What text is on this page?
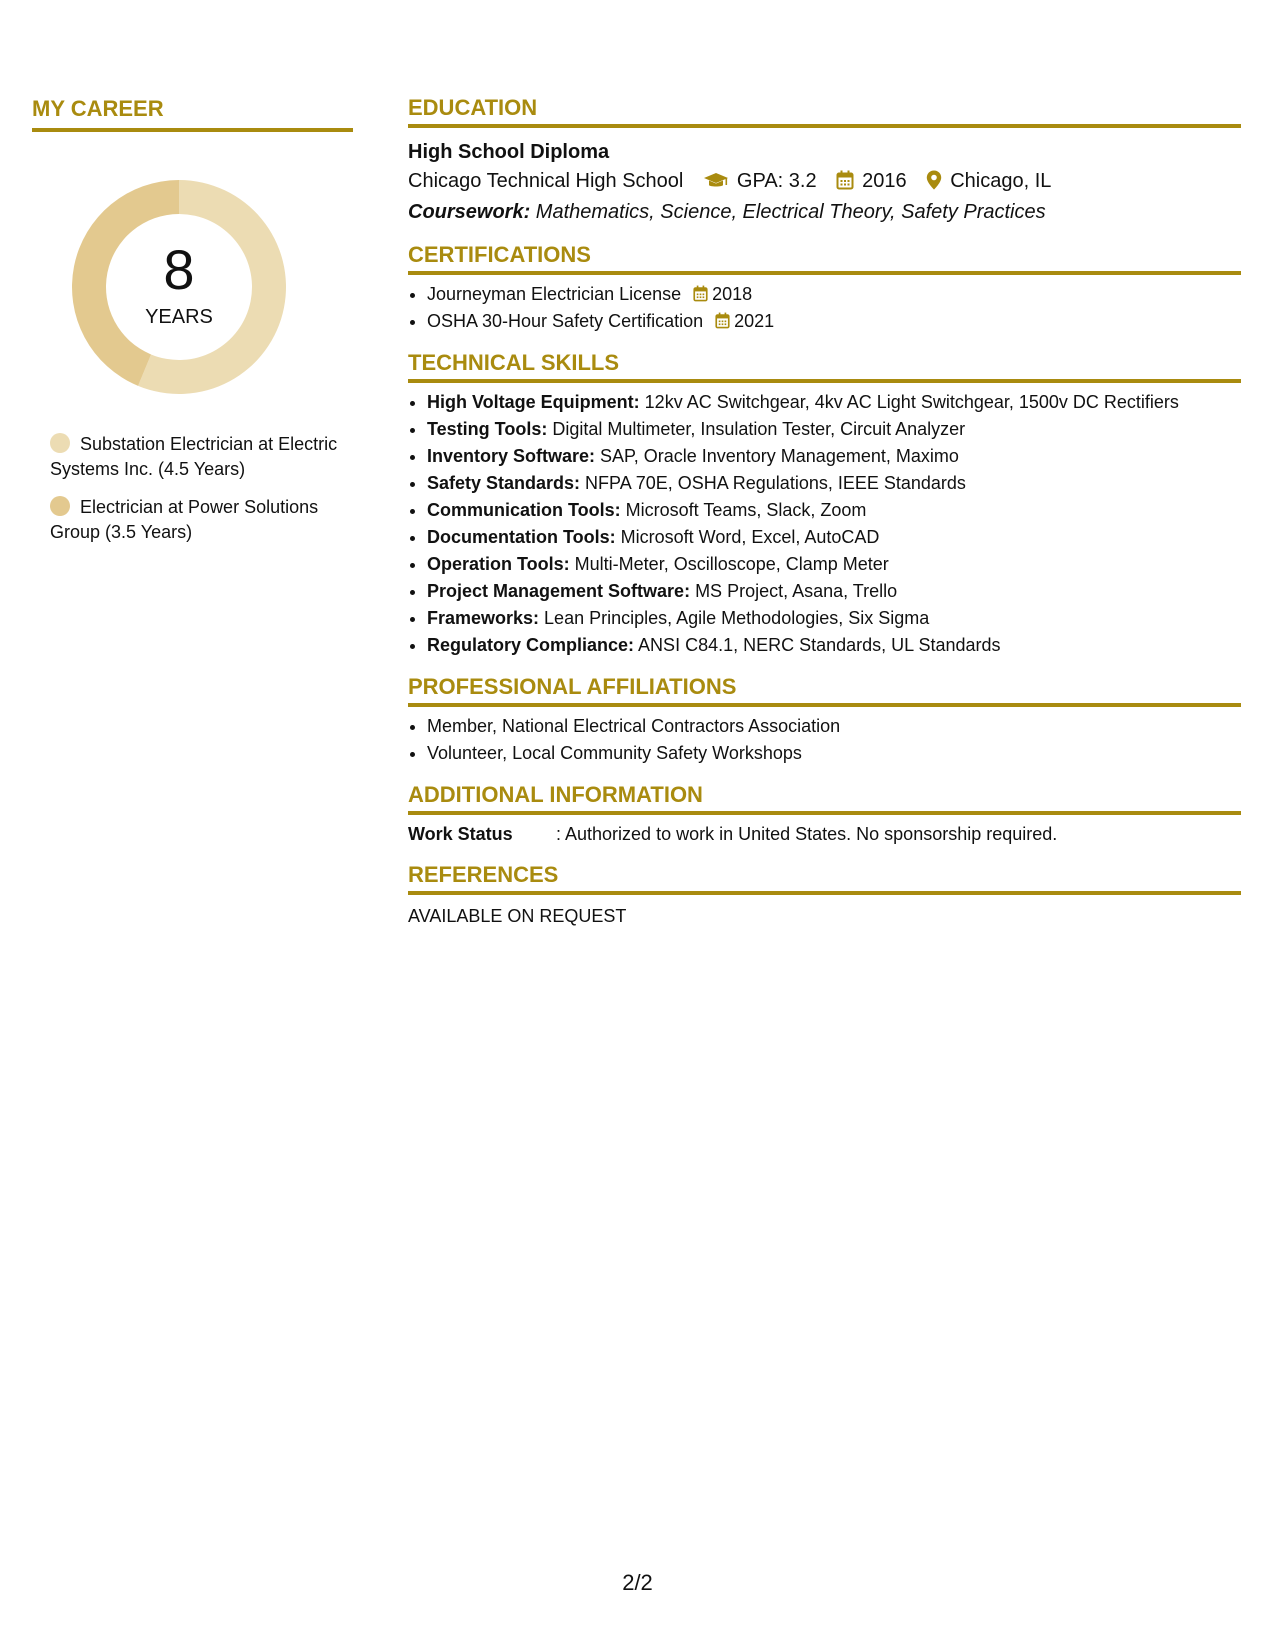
MY CAREER
8
YEARS
Substation Electrician at Electric Systems Inc. (4.5 Years)
Electrician at Power Solutions Group (3.5 Years)
EDUCATION
High School Diploma
Chicago Technical High School	GPA: 3.2 2016 Chicago, IL
Coursework: Mathematics, Science, Electrical Theory, Safety Practices
CERTIFICATIONS
• Journeyman Electrician License 2018
• OSHA 30-Hour Safety Certification 2021
TECHNICAL SKILLS
• High Voltage Equipment: 12kv AC Switchgear, 4kv AC Light Switchgear, 1500v DC Rectifiers
• Testing Tools: Digital Multimeter, Insulation Tester, Circuit Analyzer
• Inventory Software: SAP, Oracle Inventory Management, Maximo
• Safety Standards: NFPA 70E, OSHA Regulations, IEEE Standards
• Communication Tools: Microsoft Teams, Slack, Zoom
• Documentation Tools: Microsoft Word, Excel, AutoCAD
• Operation Tools: Multi-Meter, Oscilloscope, Clamp Meter
• Project Management Software: MS Project, Asana, Trello
• Frameworks: Lean Principles, Agile Methodologies, Six Sigma
• Regulatory Compliance: ANSI C84.1, NERC Standards, UL Standards
PROFESSIONAL AFFILIATIONS
• Member, National Electrical Contractors Association
• Volunteer, Local Community Safety Workshops
ADDITIONAL INFORMATION
Work Status : Authorized to work in United States. No sponsorship required.
REFERENCES
AVAILABLE ON REQUEST
2/2
